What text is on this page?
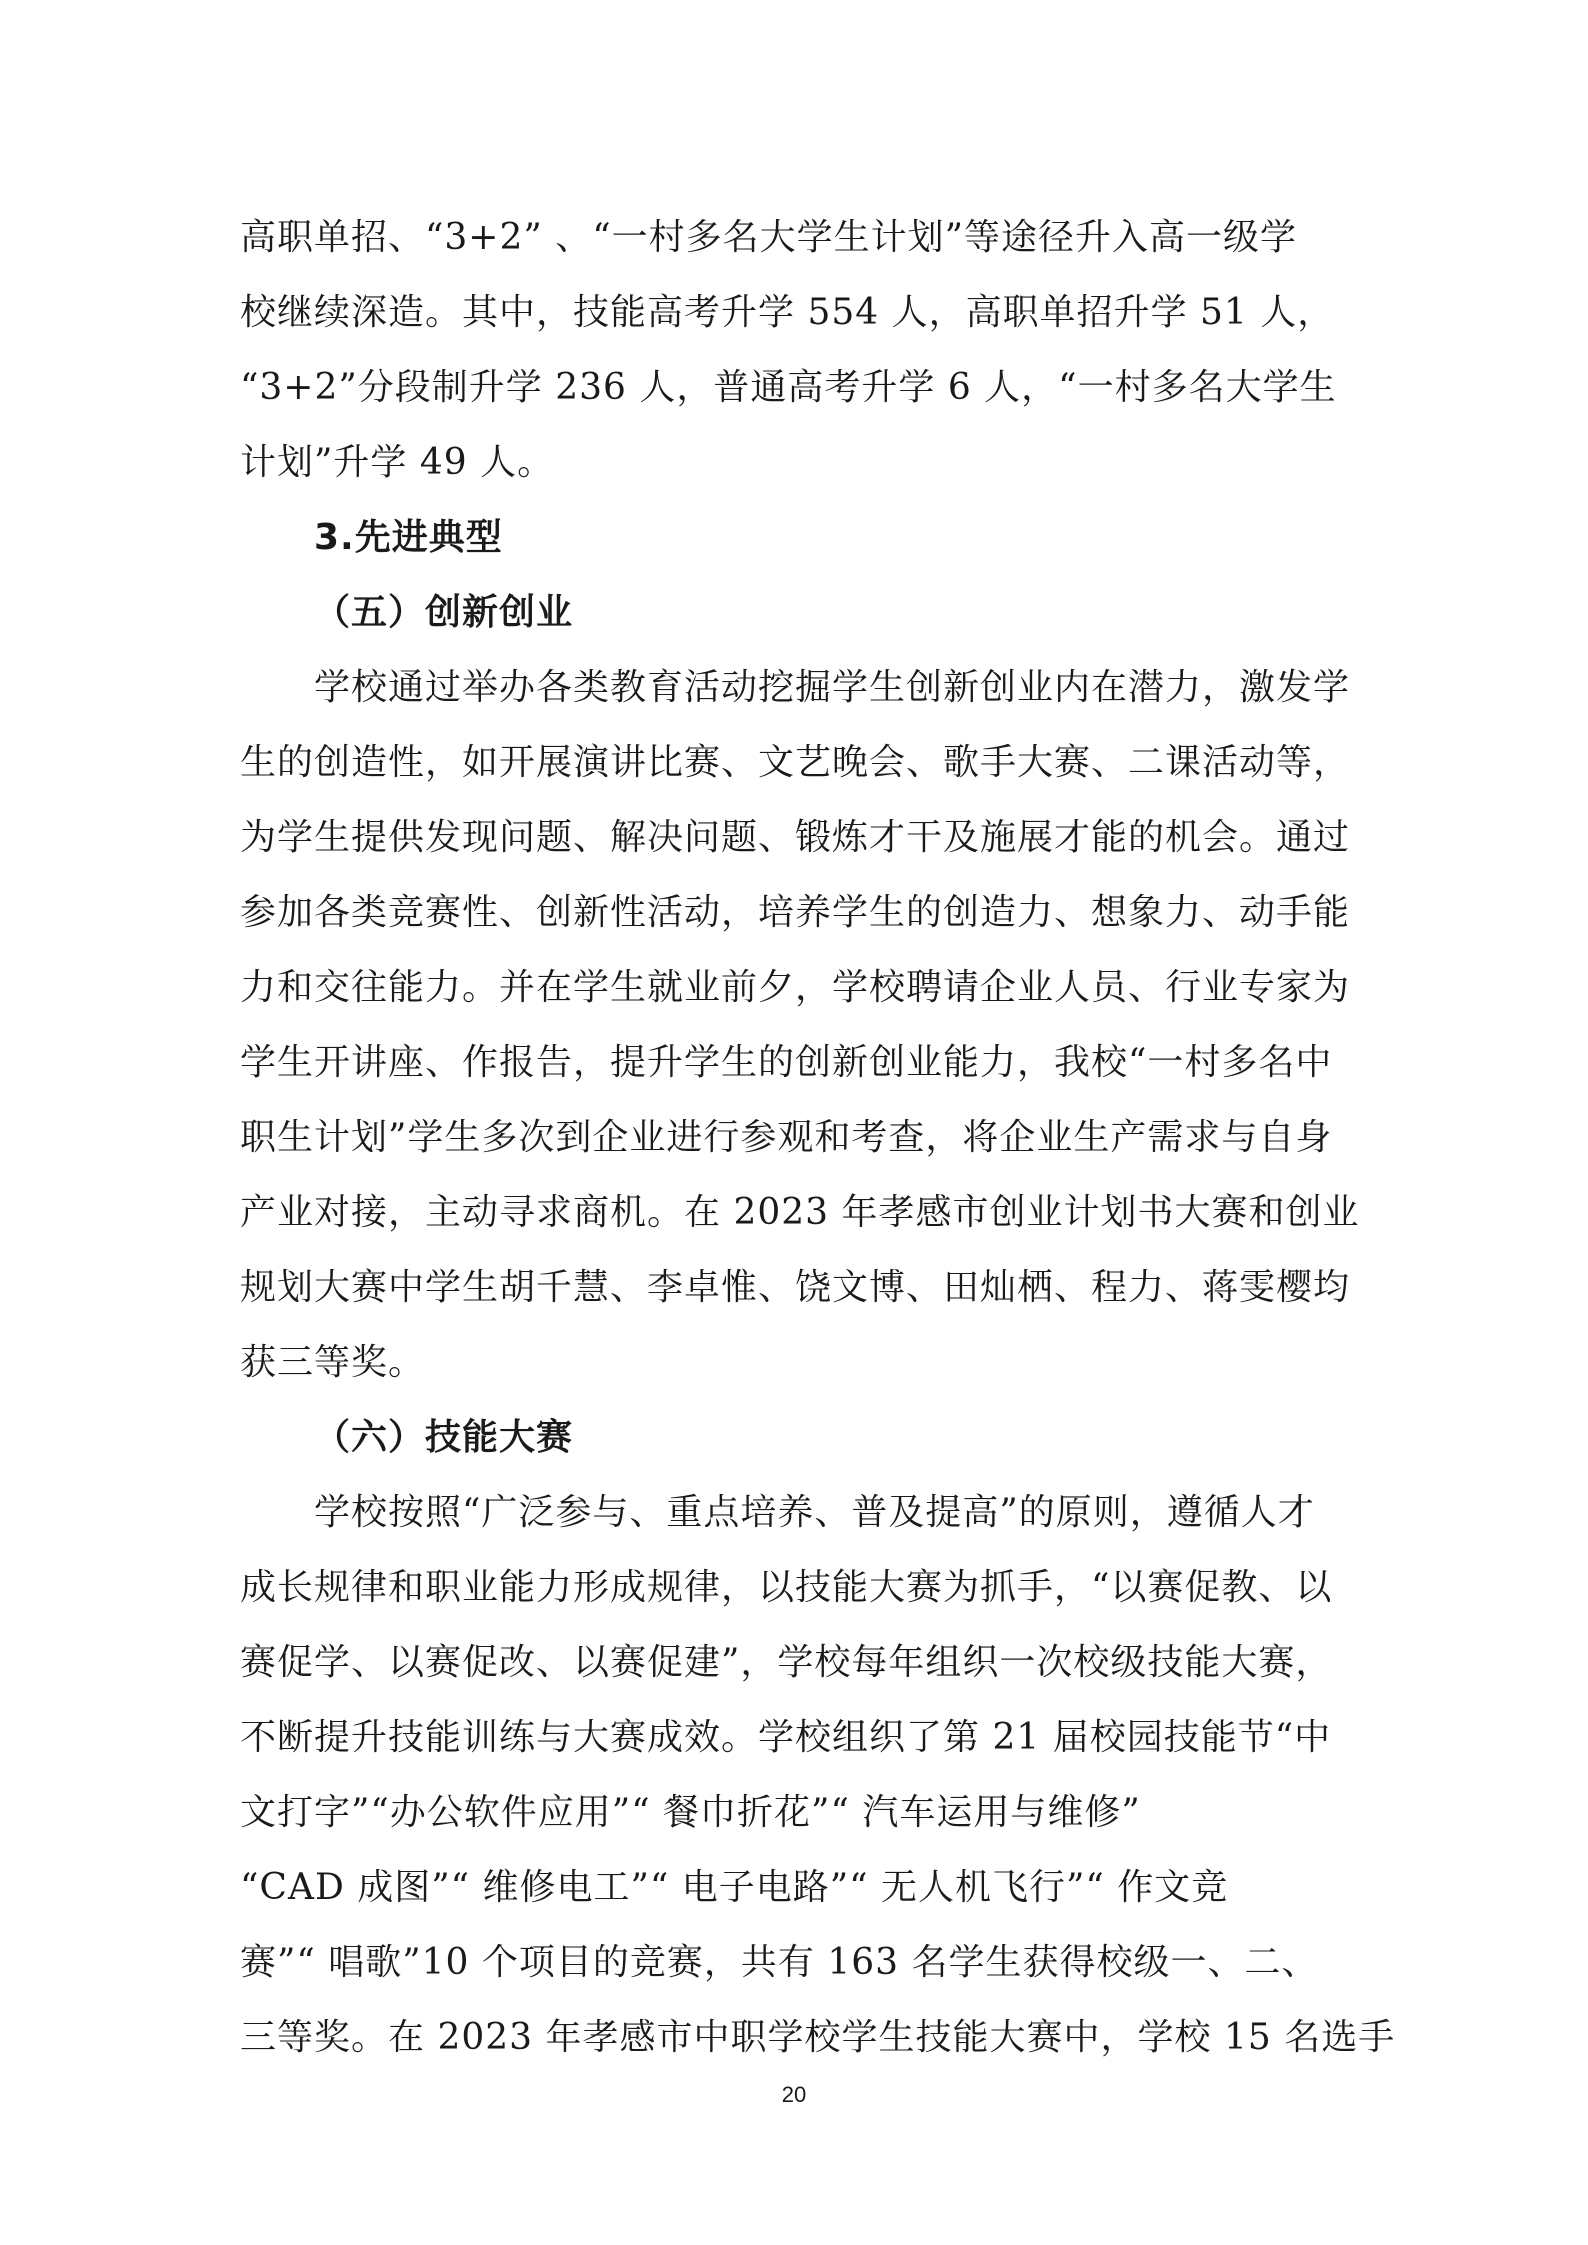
高职单招、“3+2” 、“一村多名大学生计划”等途径升入高一级学
校继续深造。其中，技能高考升学 554 人，高职单招升学 51 人，
“3+2”分段制升学 236 人，普通高考升学 6 人，“一村多名大学生
计划”升学 49 人。
3.先进典型
（五）创新创业
学校通过举办各类教育活动挖掘学生创新创业内在潜力，激发学
生的创造性，如开展演讲比赛、文艺晚会、歌手大赛、二课活动等，
为学生提供发现问题、解决问题、锻炼才干及施展才能的机会。通过
参加各类竞赛性、创新性活动，培养学生的创造力、想象力、动手能
力和交往能力。并在学生就业前夕，学校聘请企业人员、行业专家为
学生开讲座、作报告，提升学生的创新创业能力，我校“一村多名中
职生计划”学生多次到企业进行参观和考查，将企业生产需求与自身
产业对接，主动寻求商机。在 2023 年孝感市创业计划书大赛和创业
规划大赛中学生胡千慧、李卓惟、饶文博、田灿栖、程力、蒋雯樱均
获三等奖。
（六）技能大赛
学校按照“广泛参与、重点培养、普及提高”的原则，遵循人才
成长规律和职业能力形成规律，以技能大赛为抓手，“以赛促教、以
赛促学、以赛促改、以赛促建”，学校每年组织一次校级技能大赛，
不断提升技能训练与大赛成效。学校组织了第 21 届校园技能节“中
文打字”“办公软件应用”“ 餐巾折花”“ 汽车运用与维修”
“CAD 成图”“ 维修电工”“ 电子电路”“ 无人机飞行”“ 作文竞
赛”“ 唱歌”10 个项目的竞赛，共有 163 名学生获得校级一、二、
三等奖。在 2023 年孝感市中职学校学生技能大赛中，学校 15 名选手
20
